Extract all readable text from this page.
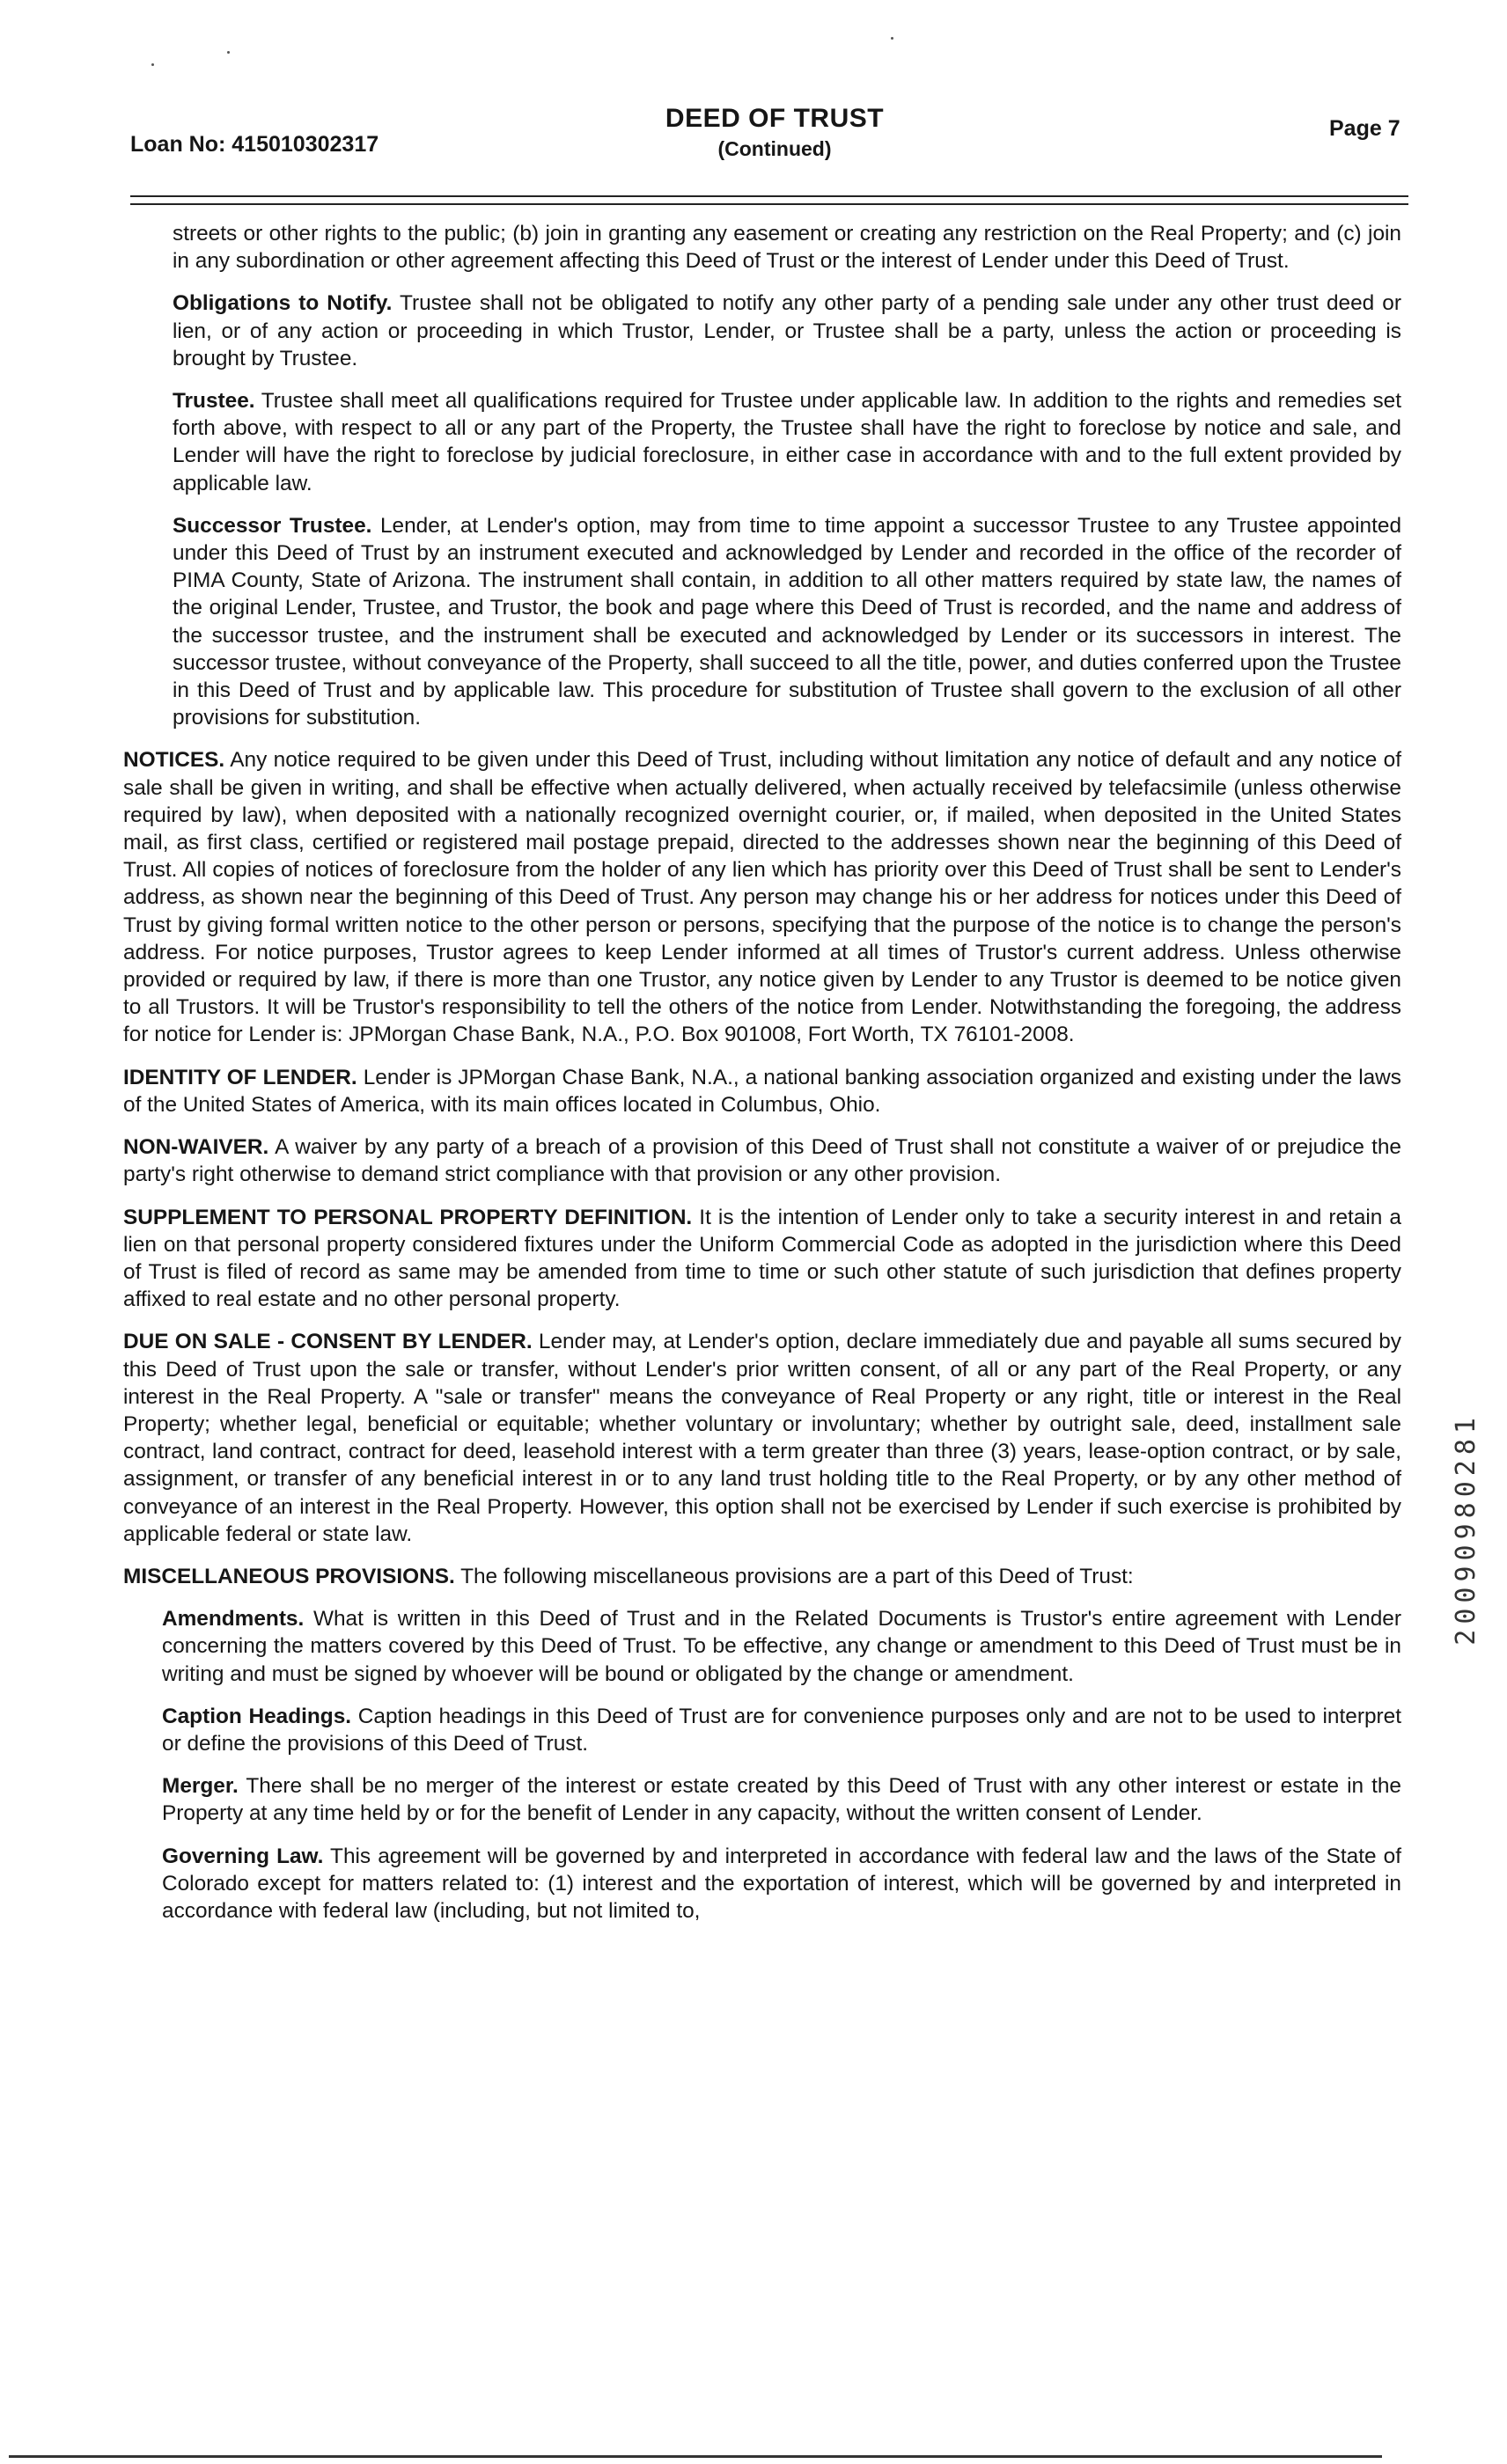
Loan No: 415010302317
DEED OF TRUST
(Continued)
Page 7

streets or other rights to the public; (b) join in granting any easement or creating any restriction on the Real Property; and (c) join in any subordination or other agreement affecting this Deed of Trust or the interest of Lender under this Deed of Trust.

Obligations to Notify. Trustee shall not be obligated to notify any other party of a pending sale under any other trust deed or lien, or of any action or proceeding in which Trustor, Lender, or Trustee shall be a party, unless the action or proceeding is brought by Trustee.

Trustee. Trustee shall meet all qualifications required for Trustee under applicable law. In addition to the rights and remedies set forth above, with respect to all or any part of the Property, the Trustee shall have the right to foreclose by notice and sale, and Lender will have the right to foreclose by judicial foreclosure, in either case in accordance with and to the full extent provided by applicable law.

Successor Trustee. Lender, at Lender's option, may from time to time appoint a successor Trustee to any Trustee appointed under this Deed of Trust by an instrument executed and acknowledged by Lender and recorded in the office of the recorder of PIMA County, State of Arizona. The instrument shall contain, in addition to all other matters required by state law, the names of the original Lender, Trustee, and Trustor, the book and page where this Deed of Trust is recorded, and the name and address of the successor trustee, and the instrument shall be executed and acknowledged by Lender or its successors in interest. The successor trustee, without conveyance of the Property, shall succeed to all the title, power, and duties conferred upon the Trustee in this Deed of Trust and by applicable law. This procedure for substitution of Trustee shall govern to the exclusion of all other provisions for substitution.

NOTICES. Any notice required to be given under this Deed of Trust, including without limitation any notice of default and any notice of sale shall be given in writing, and shall be effective when actually delivered, when actually received by telefacsimile (unless otherwise required by law), when deposited with a nationally recognized overnight courier, or, if mailed, when deposited in the United States mail, as first class, certified or registered mail postage prepaid, directed to the addresses shown near the beginning of this Deed of Trust. All copies of notices of foreclosure from the holder of any lien which has priority over this Deed of Trust shall be sent to Lender's address, as shown near the beginning of this Deed of Trust. Any person may change his or her address for notices under this Deed of Trust by giving formal written notice to the other person or persons, specifying that the purpose of the notice is to change the person's address. For notice purposes, Trustor agrees to keep Lender informed at all times of Trustor's current address. Unless otherwise provided or required by law, if there is more than one Trustor, any notice given by Lender to any Trustor is deemed to be notice given to all Trustors. It will be Trustor's responsibility to tell the others of the notice from Lender. Notwithstanding the foregoing, the address for notice for Lender is: JPMorgan Chase Bank, N.A., P.O. Box 901008, Fort Worth, TX 76101-2008.

IDENTITY OF LENDER. Lender is JPMorgan Chase Bank, N.A., a national banking association organized and existing under the laws of the United States of America, with its main offices located in Columbus, Ohio.

NON-WAIVER. A waiver by any party of a breach of a provision of this Deed of Trust shall not constitute a waiver of or prejudice the party's right otherwise to demand strict compliance with that provision or any other provision.

SUPPLEMENT TO PERSONAL PROPERTY DEFINITION. It is the intention of Lender only to take a security interest in and retain a lien on that personal property considered fixtures under the Uniform Commercial Code as adopted in the jurisdiction where this Deed of Trust is filed of record as same may be amended from time to time or such other statute of such jurisdiction that defines property affixed to real estate and no other personal property.

DUE ON SALE - CONSENT BY LENDER. Lender may, at Lender's option, declare immediately due and payable all sums secured by this Deed of Trust upon the sale or transfer, without Lender's prior written consent, of all or any part of the Real Property, or any interest in the Real Property. A "sale or transfer" means the conveyance of Real Property or any right, title or interest in the Real Property; whether legal, beneficial or equitable; whether voluntary or involuntary; whether by outright sale, deed, installment sale contract, land contract, contract for deed, leasehold interest with a term greater than three (3) years, lease-option contract, or by sale, assignment, or transfer of any beneficial interest in or to any land trust holding title to the Real Property, or by any other method of conveyance of an interest in the Real Property. However, this option shall not be exercised by Lender if such exercise is prohibited by applicable federal or state law.

MISCELLANEOUS PROVISIONS. The following miscellaneous provisions are a part of this Deed of Trust:

Amendments. What is written in this Deed of Trust and in the Related Documents is Trustor's entire agreement with Lender concerning the matters covered by this Deed of Trust. To be effective, any change or amendment to this Deed of Trust must be in writing and must be signed by whoever will be bound or obligated by the change or amendment.

Caption Headings. Caption headings in this Deed of Trust are for convenience purposes only and are not to be used to interpret or define the provisions of this Deed of Trust.

Merger. There shall be no merger of the interest or estate created by this Deed of Trust with any other interest or estate in the Property at any time held by or for the benefit of Lender in any capacity, without the written consent of Lender.

Governing Law. This agreement will be governed by and interpreted in accordance with federal law and the laws of the State of Colorado except for matters related to: (1) interest and the exportation of interest, which will be governed by and interpreted in accordance with federal law (including, but not limited to,

20090980281
